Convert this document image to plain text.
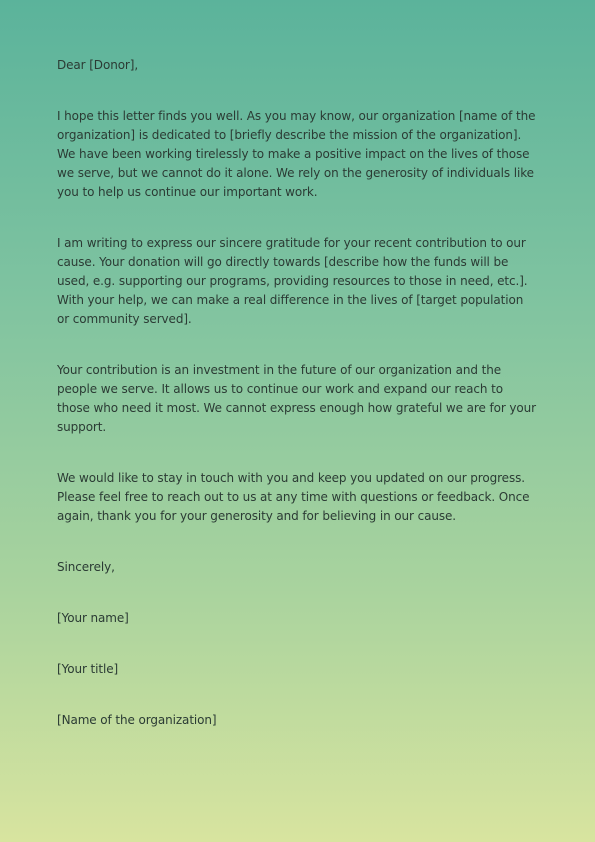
Dear [Donor],

I hope this letter finds you well. As you may know, our organization [name of the organization] is dedicated to [briefly describe the mission of the organization]. We have been working tirelessly to make a positive impact on the lives of those we serve, but we cannot do it alone. We rely on the generosity of individuals like you to help us continue our important work.

I am writing to express our sincere gratitude for your recent contribution to our cause. Your donation will go directly towards [describe how the funds will be used, e.g. supporting our programs, providing resources to those in need, etc.]. With your help, we can make a real difference in the lives of [target population or community served].

Your contribution is an investment in the future of our organization and the people we serve. It allows us to continue our work and expand our reach to those who need it most. We cannot express enough how grateful we are for your support.

We would like to stay in touch with you and keep you updated on our progress. Please feel free to reach out to us at any time with questions or feedback. Once again, thank you for your generosity and for believing in our cause.

Sincerely,

[Your name]

[Your title]

[Name of the organization]
